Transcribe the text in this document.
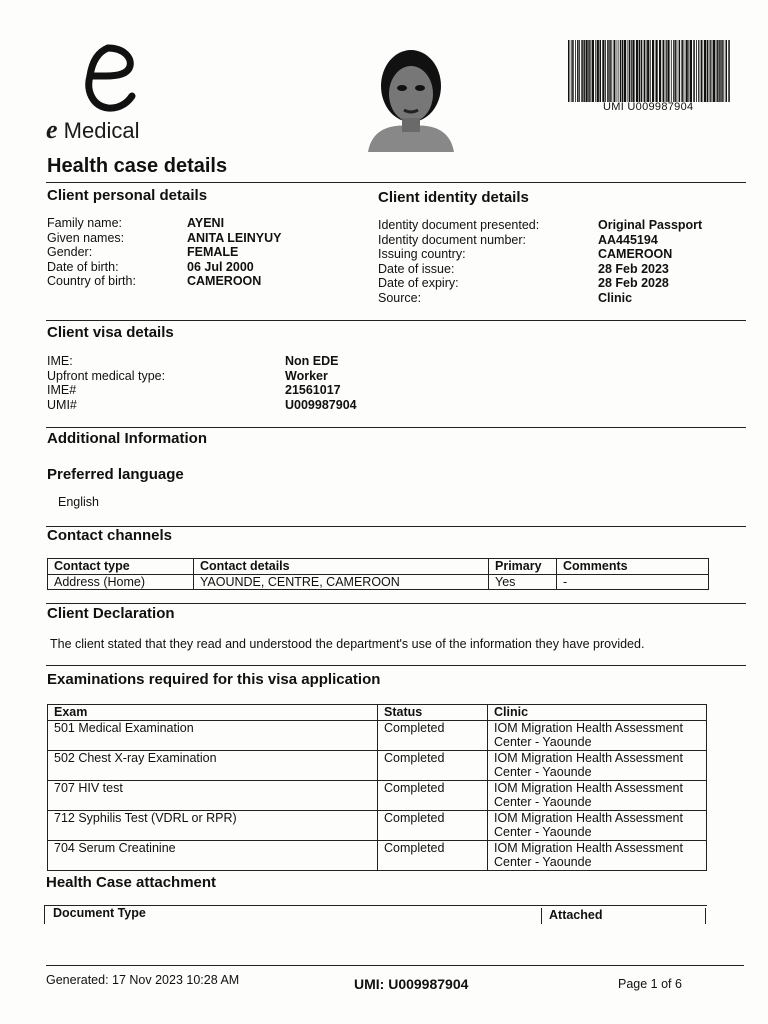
e Medical
UMI U009987904
Health case details
Client personal details
Family name:	AYENI
Given names:	ANITA LEINYUY
Gender:	FEMALE
Date of birth:	06 Jul 2000
Country of birth:	CAMEROON
Client identity details
Identity document presented:	Original Passport
Identity document number:	AA445194
Issuing country:	CAMEROON
Date of issue:	28 Feb 2023
Date of expiry:	28 Feb 2028
Source:	Clinic
Client visa details
IME:	Non EDE
Upfront medical type:	Worker
IME#	21561017
UMI#	U009987904
Additional Information
Preferred language
English
Contact channels
Contact type	Contact details	Primary	Comments
Address (Home)	YAOUNDE, CENTRE, CAMEROON	Yes	-
Client Declaration
The client stated that they read and understood the department's use of the information they have provided.
Examinations required for this visa application
Exam	Status	Clinic
501 Medical Examination	Completed	IOM Migration Health Assessment Center - Yaounde
502 Chest X-ray Examination	Completed	IOM Migration Health Assessment Center - Yaounde
707 HIV test	Completed	IOM Migration Health Assessment Center - Yaounde
712 Syphilis Test (VDRL or RPR)	Completed	IOM Migration Health Assessment Center - Yaounde
704 Serum Creatinine	Completed	IOM Migration Health Assessment Center - Yaounde
Health Case attachment
Document Type	Attached
Generated: 17 Nov 2023 10:28 AM	UMI: U009987904	Page 1 of 6
